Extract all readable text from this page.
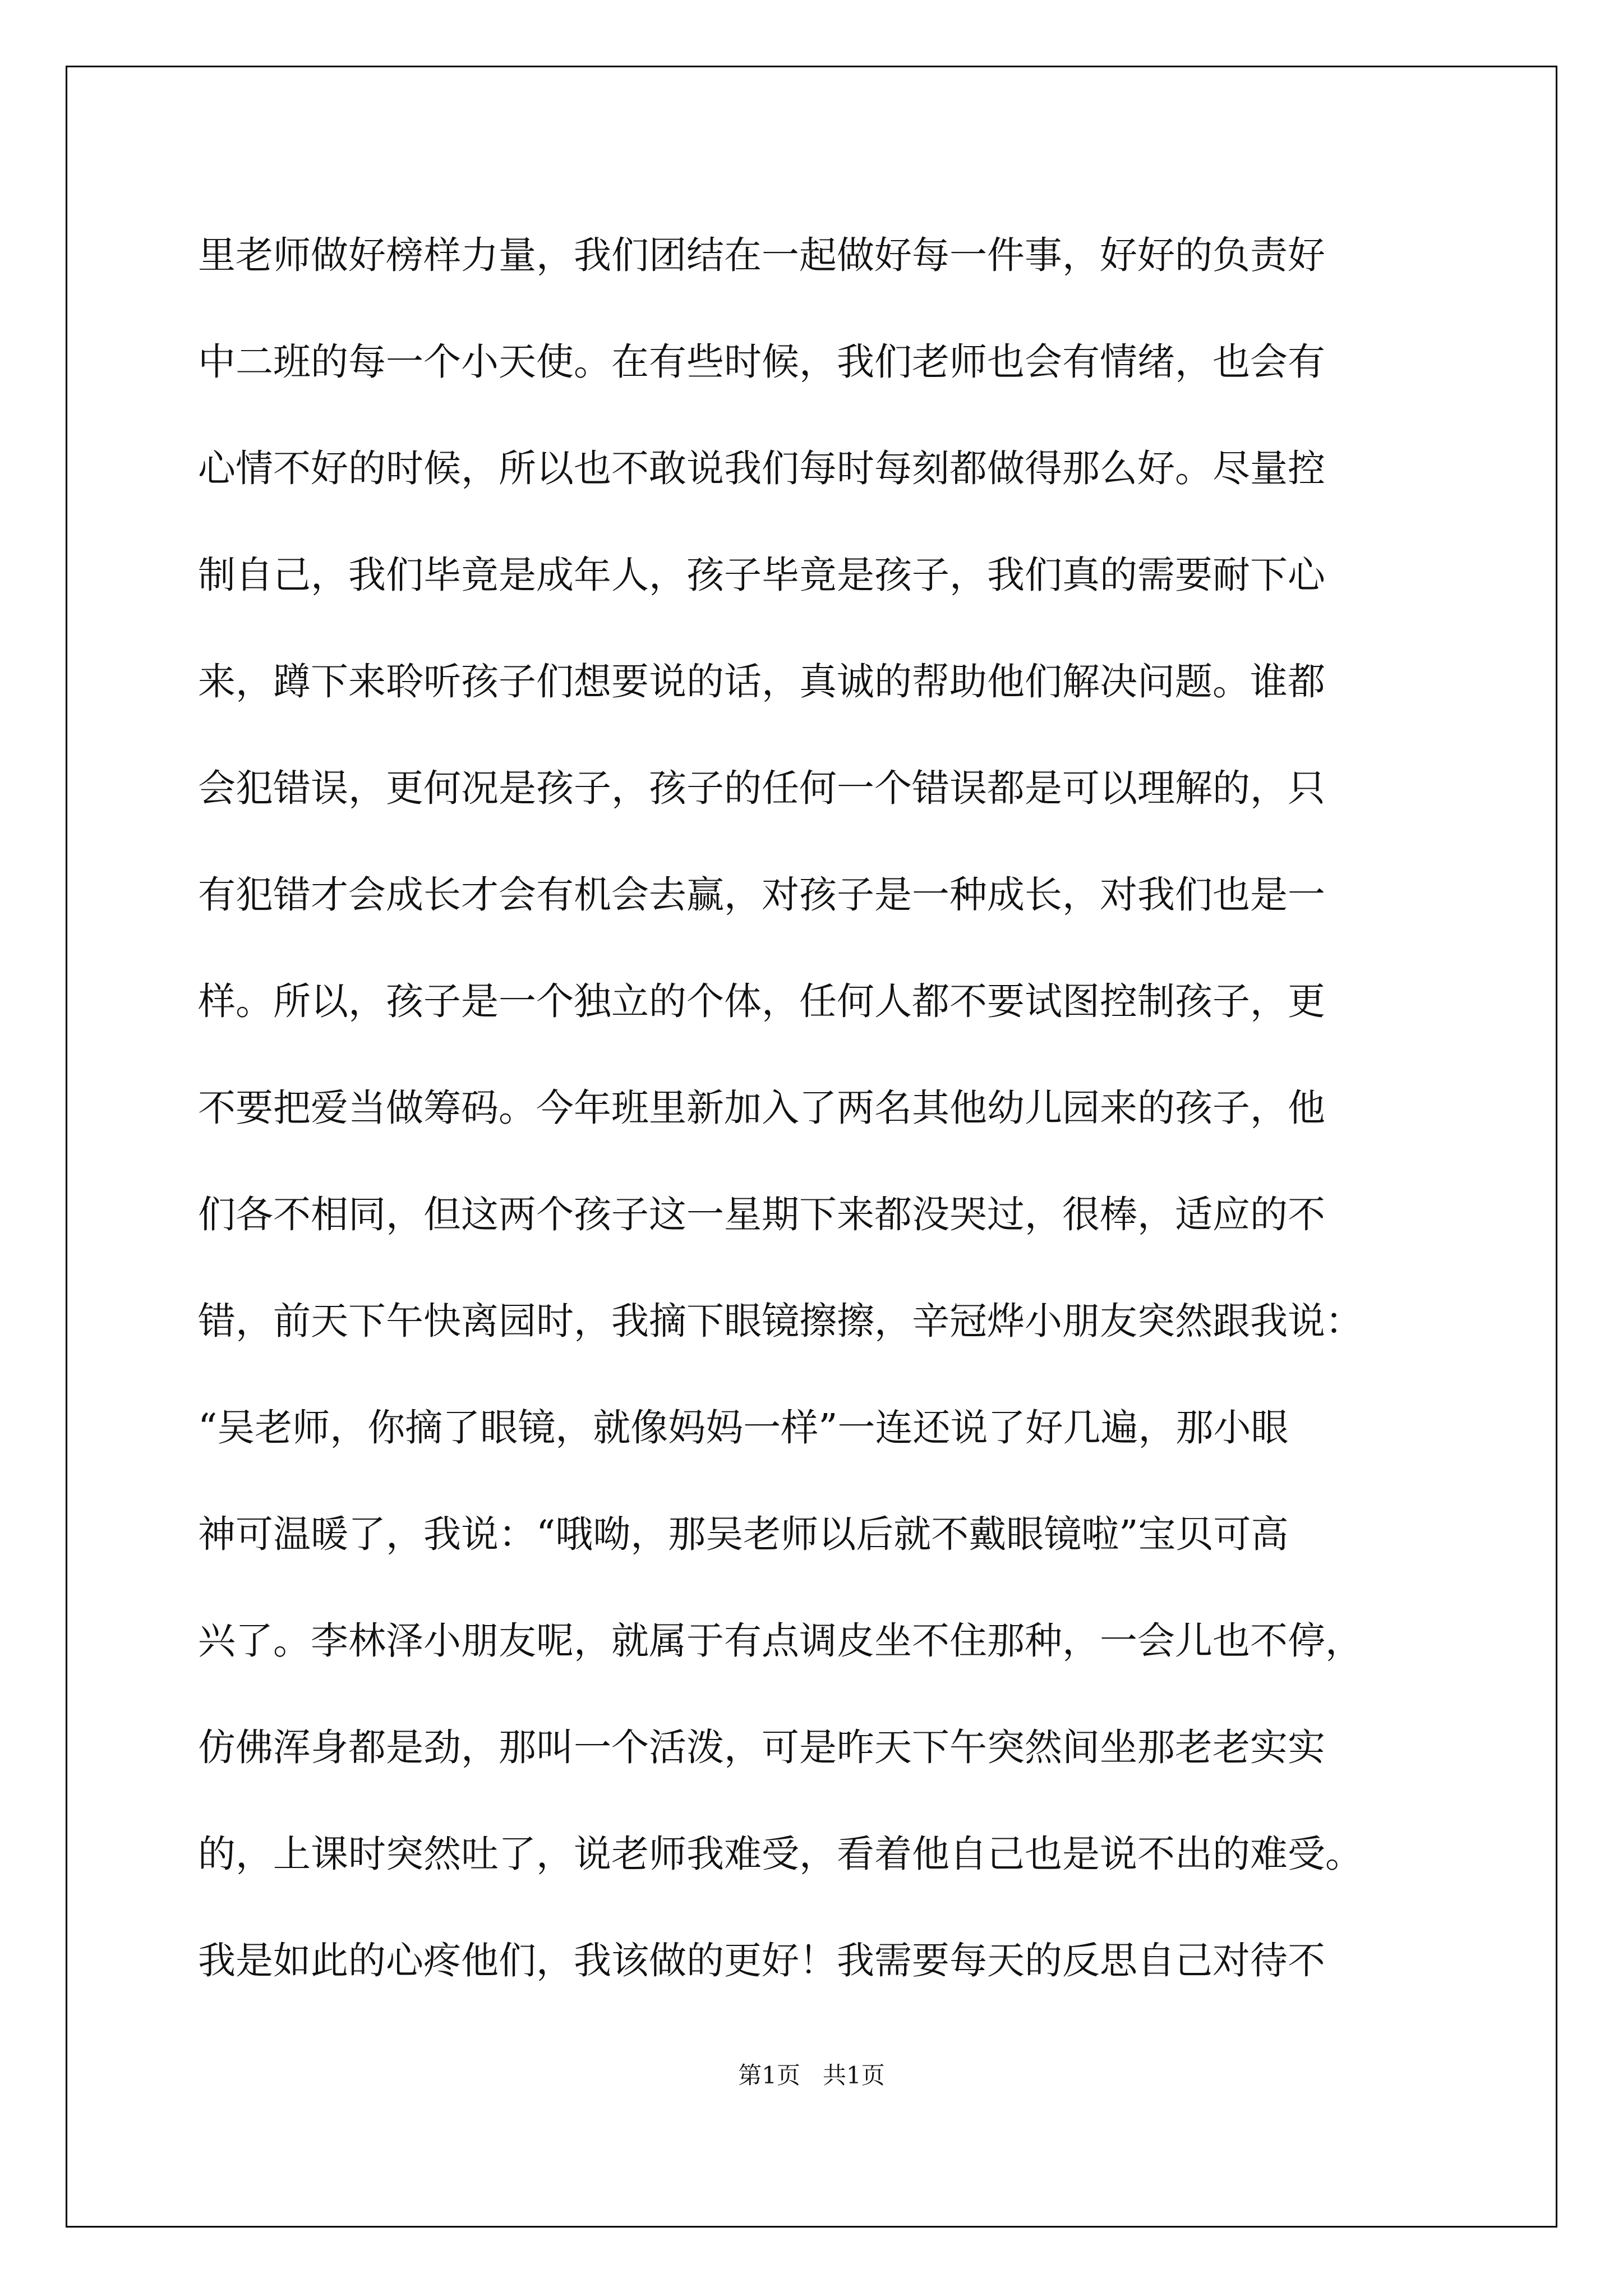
里老师做好榜样力量，我们团结在一起做好每一件事，好好的负责好
中二班的每一个小天使。在有些时候，我们老师也会有情绪，也会有
心情不好的时候，所以也不敢说我们每时每刻都做得那么好。尽量控
制自己，我们毕竟是成年人，孩子毕竟是孩子，我们真的需要耐下心
来，蹲下来聆听孩子们想要说的话，真诚的帮助他们解决问题。谁都
会犯错误，更何况是孩子，孩子的任何一个错误都是可以理解的，只
有犯错才会成长才会有机会去赢，对孩子是一种成长，对我们也是一
样。所以，孩子是一个独立的个体，任何人都不要试图控制孩子，更
不要把爱当做筹码。今年班里新加入了两名其他幼儿园来的孩子，他
们各不相同，但这两个孩子这一星期下来都没哭过，很棒，适应的不
错，前天下午快离园时，我摘下眼镜擦擦，辛冠烨小朋友突然跟我说：
“吴老师，你摘了眼镜，就像妈妈一样”一连还说了好几遍，那小眼
神可温暖了，我说：“哦呦，那吴老师以后就不戴眼镜啦”宝贝可高
兴了。李林泽小朋友呢，就属于有点调皮坐不住那种，一会儿也不停，
仿佛浑身都是劲，那叫一个活泼，可是昨天下午突然间坐那老老实实
的，上课时突然吐了，说老师我难受，看着他自己也是说不出的难受。
我是如此的心疼他们，我该做的更好！我需要每天的反思自己对待不
第1页   共1页
